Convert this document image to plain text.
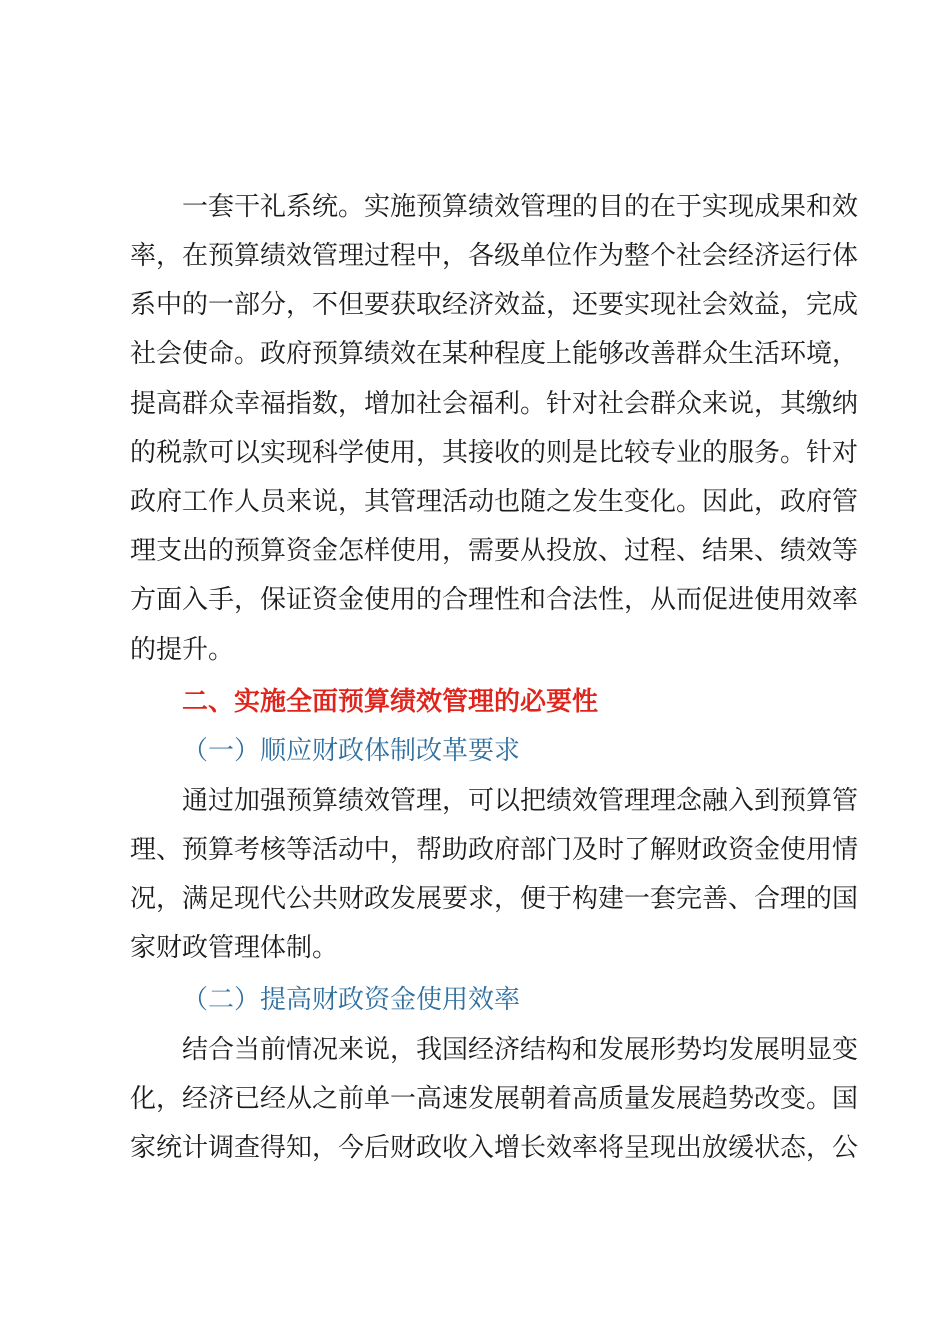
一套干礼系统。实施预算绩效管理的目的在于实现成果和效
率，在预算绩效管理过程中，各级单位作为整个社会经济运行体
系中的一部分，不但要获取经济效益，还要实现社会效益，完成
社会使命。政府预算绩效在某种程度上能够改善群众生活环境，
提高群众幸福指数，增加社会福利。针对社会群众来说，其缴纳
的税款可以实现科学使用，其接收的则是比较专业的服务。针对
政府工作人员来说，其管理活动也随之发生变化。因此，政府管
理支出的预算资金怎样使用，需要从投放、过程、结果、绩效等
方面入手，保证资金使用的合理性和合法性，从而促进使用效率
的提升。
二、实施全面预算绩效管理的必要性
（一）顺应财政体制改革要求
通过加强预算绩效管理，可以把绩效管理理念融入到预算管
理、预算考核等活动中，帮助政府部门及时了解财政资金使用情
况，满足现代公共财政发展要求，便于构建一套完善、合理的国
家财政管理体制。
（二）提高财政资金使用效率
结合当前情况来说，我国经济结构和发展形势均发展明显变
化，经济已经从之前单一高速发展朝着高质量发展趋势改变。国
家统计调查得知，今后财政收入增长效率将呈现出放缓状态，公
